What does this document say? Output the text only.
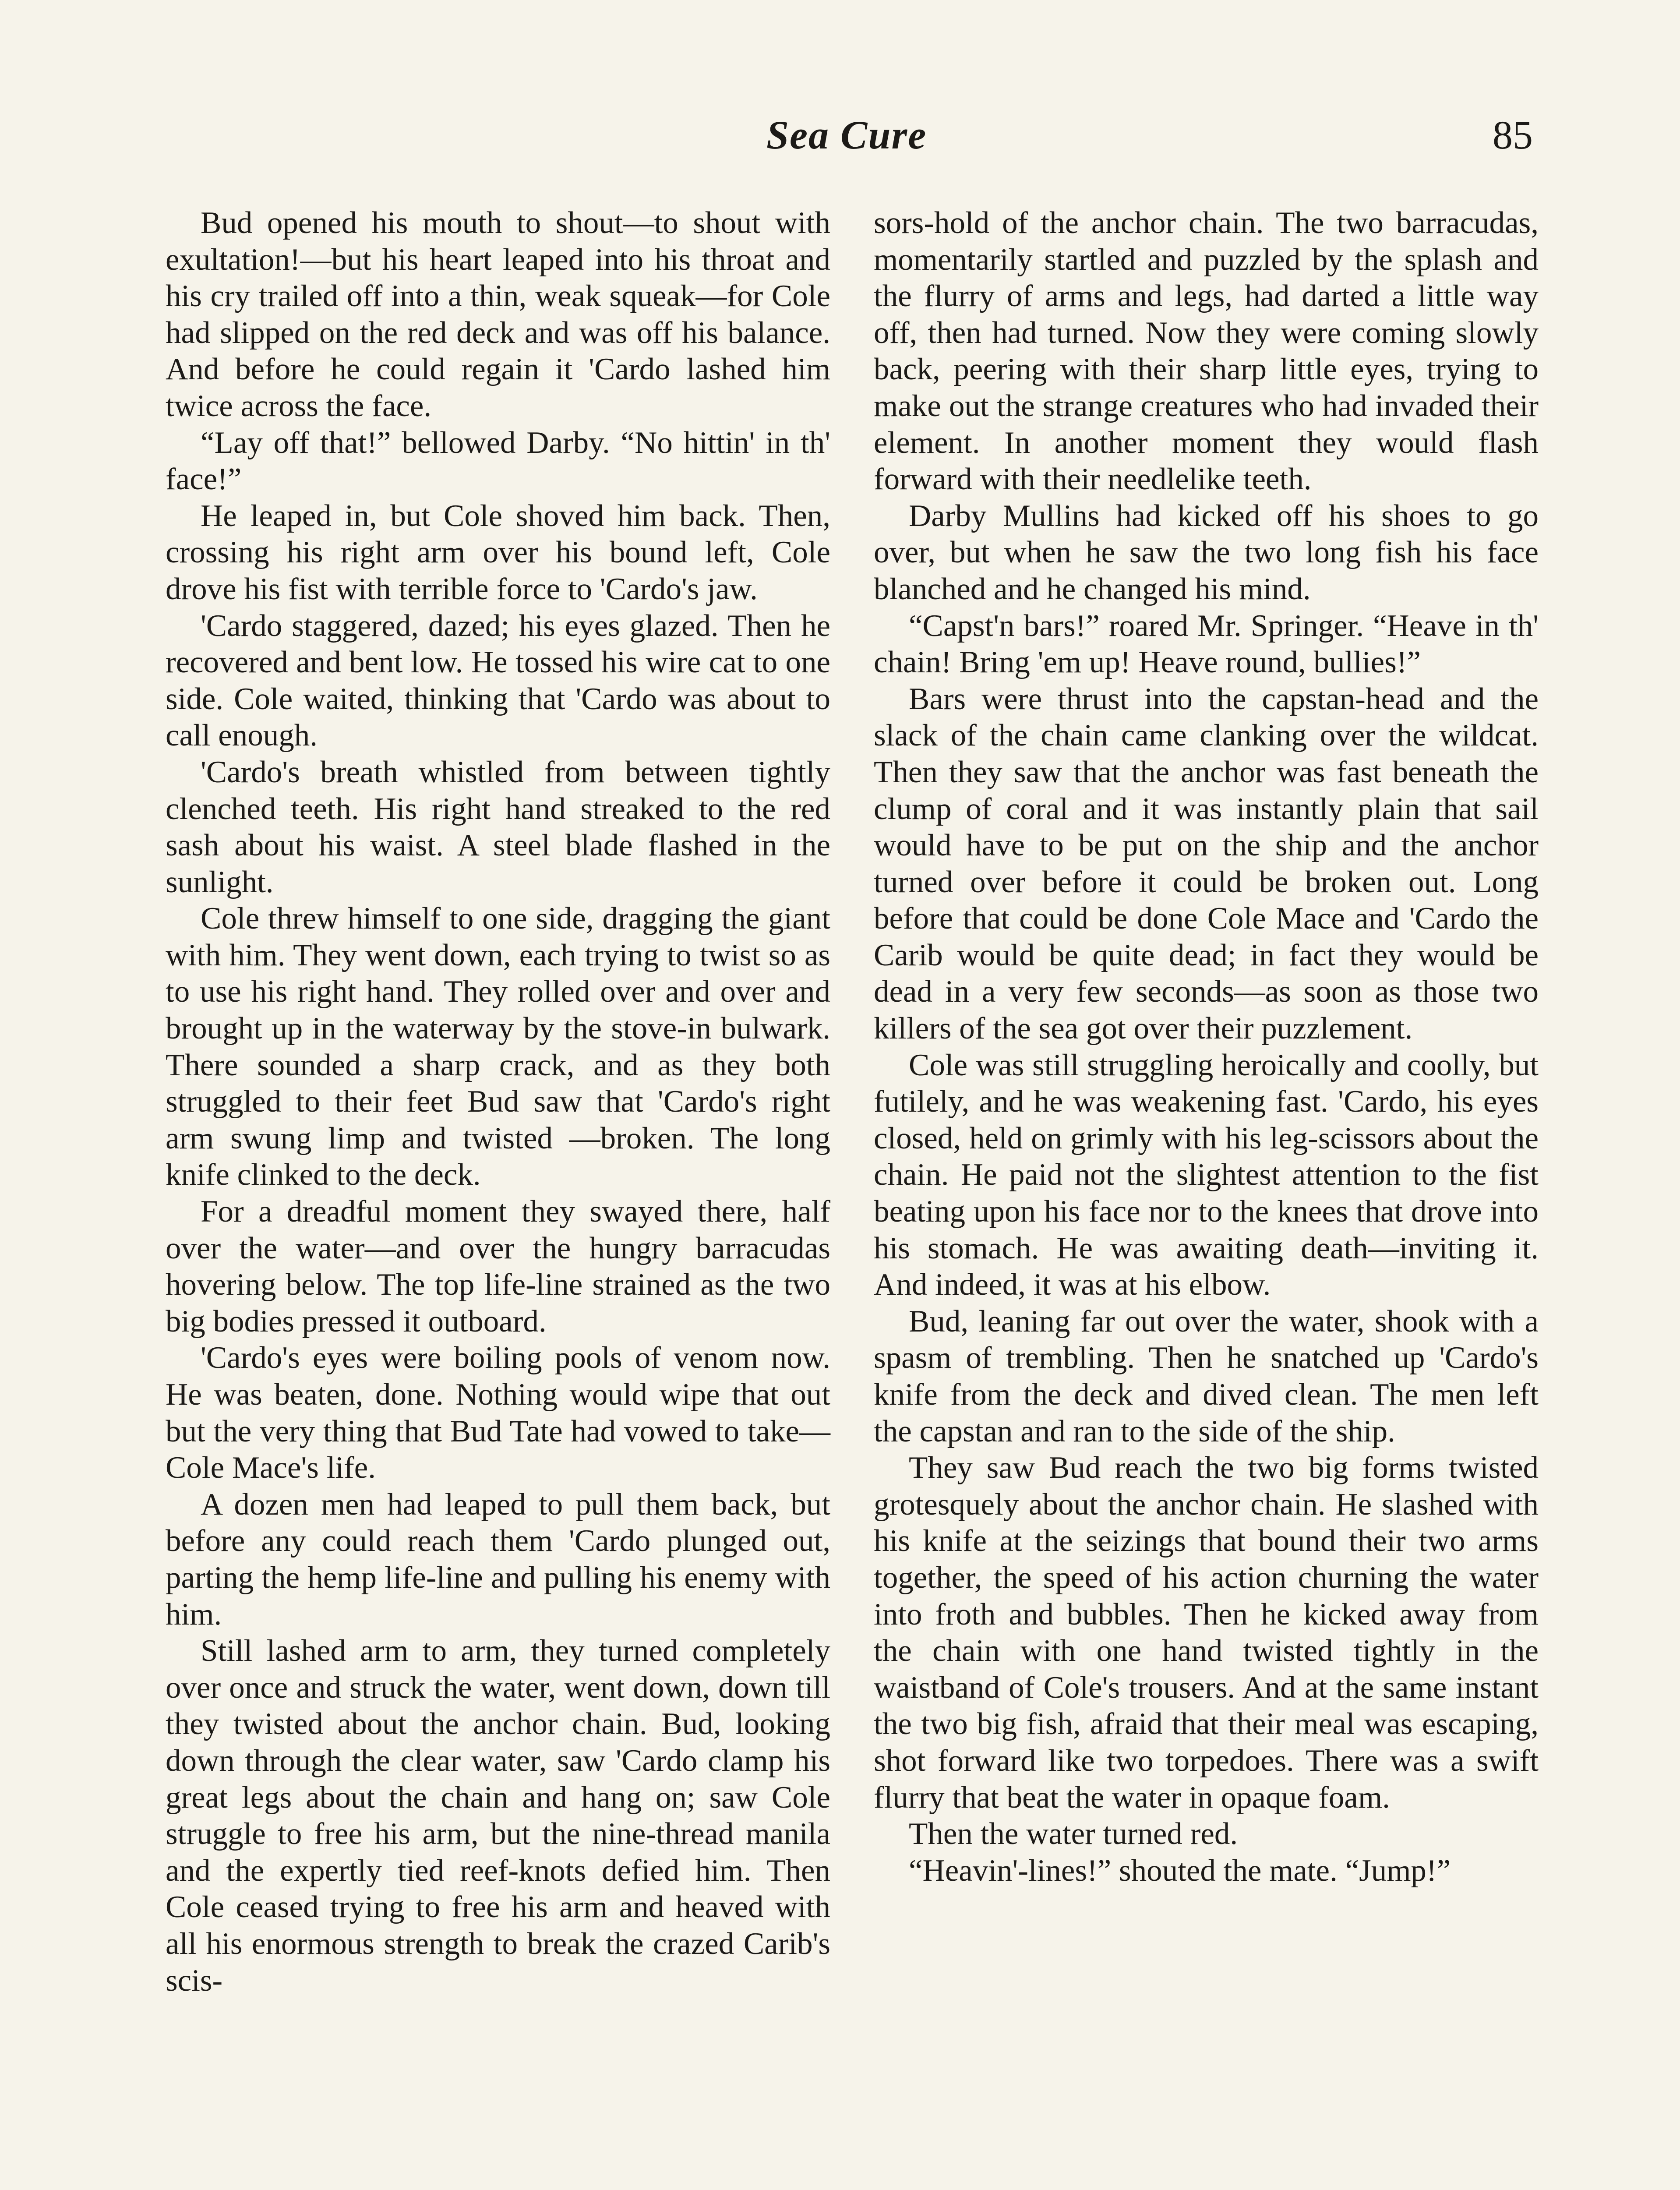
Sea Cure	85

Bud opened his mouth to shout—to shout with exultation!—but his heart leaped into his throat and his cry trailed off into a thin, weak squeak—for Cole had slipped on the red deck and was off his balance. And before he could regain it 'Cardo lashed him twice across the face.

“Lay off that!” bellowed Darby. “No hittin' in th' face!”

He leaped in, but Cole shoved him back. Then, crossing his right arm over his bound left, Cole drove his fist with terrible force to 'Cardo's jaw.

'Cardo staggered, dazed; his eyes glazed. Then he recovered and bent low. He tossed his wire cat to one side. Cole waited, thinking that 'Cardo was about to call enough.

'Cardo's breath whistled from between tightly clenched teeth. His right hand streaked to the red sash about his waist. A steel blade flashed in the sunlight.

Cole threw himself to one side, dragging the giant with him. They went down, each trying to twist so as to use his right hand. They rolled over and over and brought up in the waterway by the stove-in bulwark. There sounded a sharp crack, and as they both struggled to their feet Bud saw that 'Cardo's right arm swung limp and twisted —broken. The long knife clinked to the deck.

For a dreadful moment they swayed there, half over the water—and over the hungry barracudas hovering below. The top life-line strained as the two big bodies pressed it outboard.

'Cardo's eyes were boiling pools of venom now. He was beaten, done. Nothing would wipe that out but the very thing that Bud Tate had vowed to take—Cole Mace's life.

A dozen men had leaped to pull them back, but before any could reach them 'Cardo plunged out, parting the hemp life-line and pulling his enemy with him.

Still lashed arm to arm, they turned completely over once and struck the water, went down, down till they twisted about the anchor chain. Bud, looking down through the clear water, saw 'Cardo clamp his great legs about the chain and hang on; saw Cole struggle to free his arm, but the nine-thread manila and the expertly tied reef-knots defied him. Then Cole ceased trying to free his arm and heaved with all his enormous strength to break the crazed Carib's scis-

sors-hold of the anchor chain. The two barracudas, momentarily startled and puzzled by the splash and the flurry of arms and legs, had darted a little way off, then had turned. Now they were coming slowly back, peering with their sharp little eyes, trying to make out the strange creatures who had invaded their element. In another moment they would flash forward with their needlelike teeth.

Darby Mullins had kicked off his shoes to go over, but when he saw the two long fish his face blanched and he changed his mind.

“Capst'n bars!” roared Mr. Springer. “Heave in th' chain! Bring 'em up! Heave round, bullies!”

Bars were thrust into the capstan-head and the slack of the chain came clanking over the wildcat. Then they saw that the anchor was fast beneath the clump of coral and it was instantly plain that sail would have to be put on the ship and the anchor turned over before it could be broken out. Long before that could be done Cole Mace and 'Cardo the Carib would be quite dead; in fact they would be dead in a very few seconds—as soon as those two killers of the sea got over their puzzlement.

Cole was still struggling heroically and coolly, but futilely, and he was weakening fast. 'Cardo, his eyes closed, held on grimly with his leg-scissors about the chain. He paid not the slightest attention to the fist beating upon his face nor to the knees that drove into his stomach. He was awaiting death—inviting it. And indeed, it was at his elbow.

Bud, leaning far out over the water, shook with a spasm of trembling. Then he snatched up 'Cardo's knife from the deck and dived clean. The men left the capstan and ran to the side of the ship.

They saw Bud reach the two big forms twisted grotesquely about the anchor chain. He slashed with his knife at the seizings that bound their two arms together, the speed of his action churning the water into froth and bubbles. Then he kicked away from the chain with one hand twisted tightly in the waistband of Cole's trousers. And at the same instant the two big fish, afraid that their meal was escaping, shot forward like two torpedoes. There was a swift flurry that beat the water in opaque foam.

Then the water turned red.

“Heavin'-lines!” shouted the mate. “Jump!”
